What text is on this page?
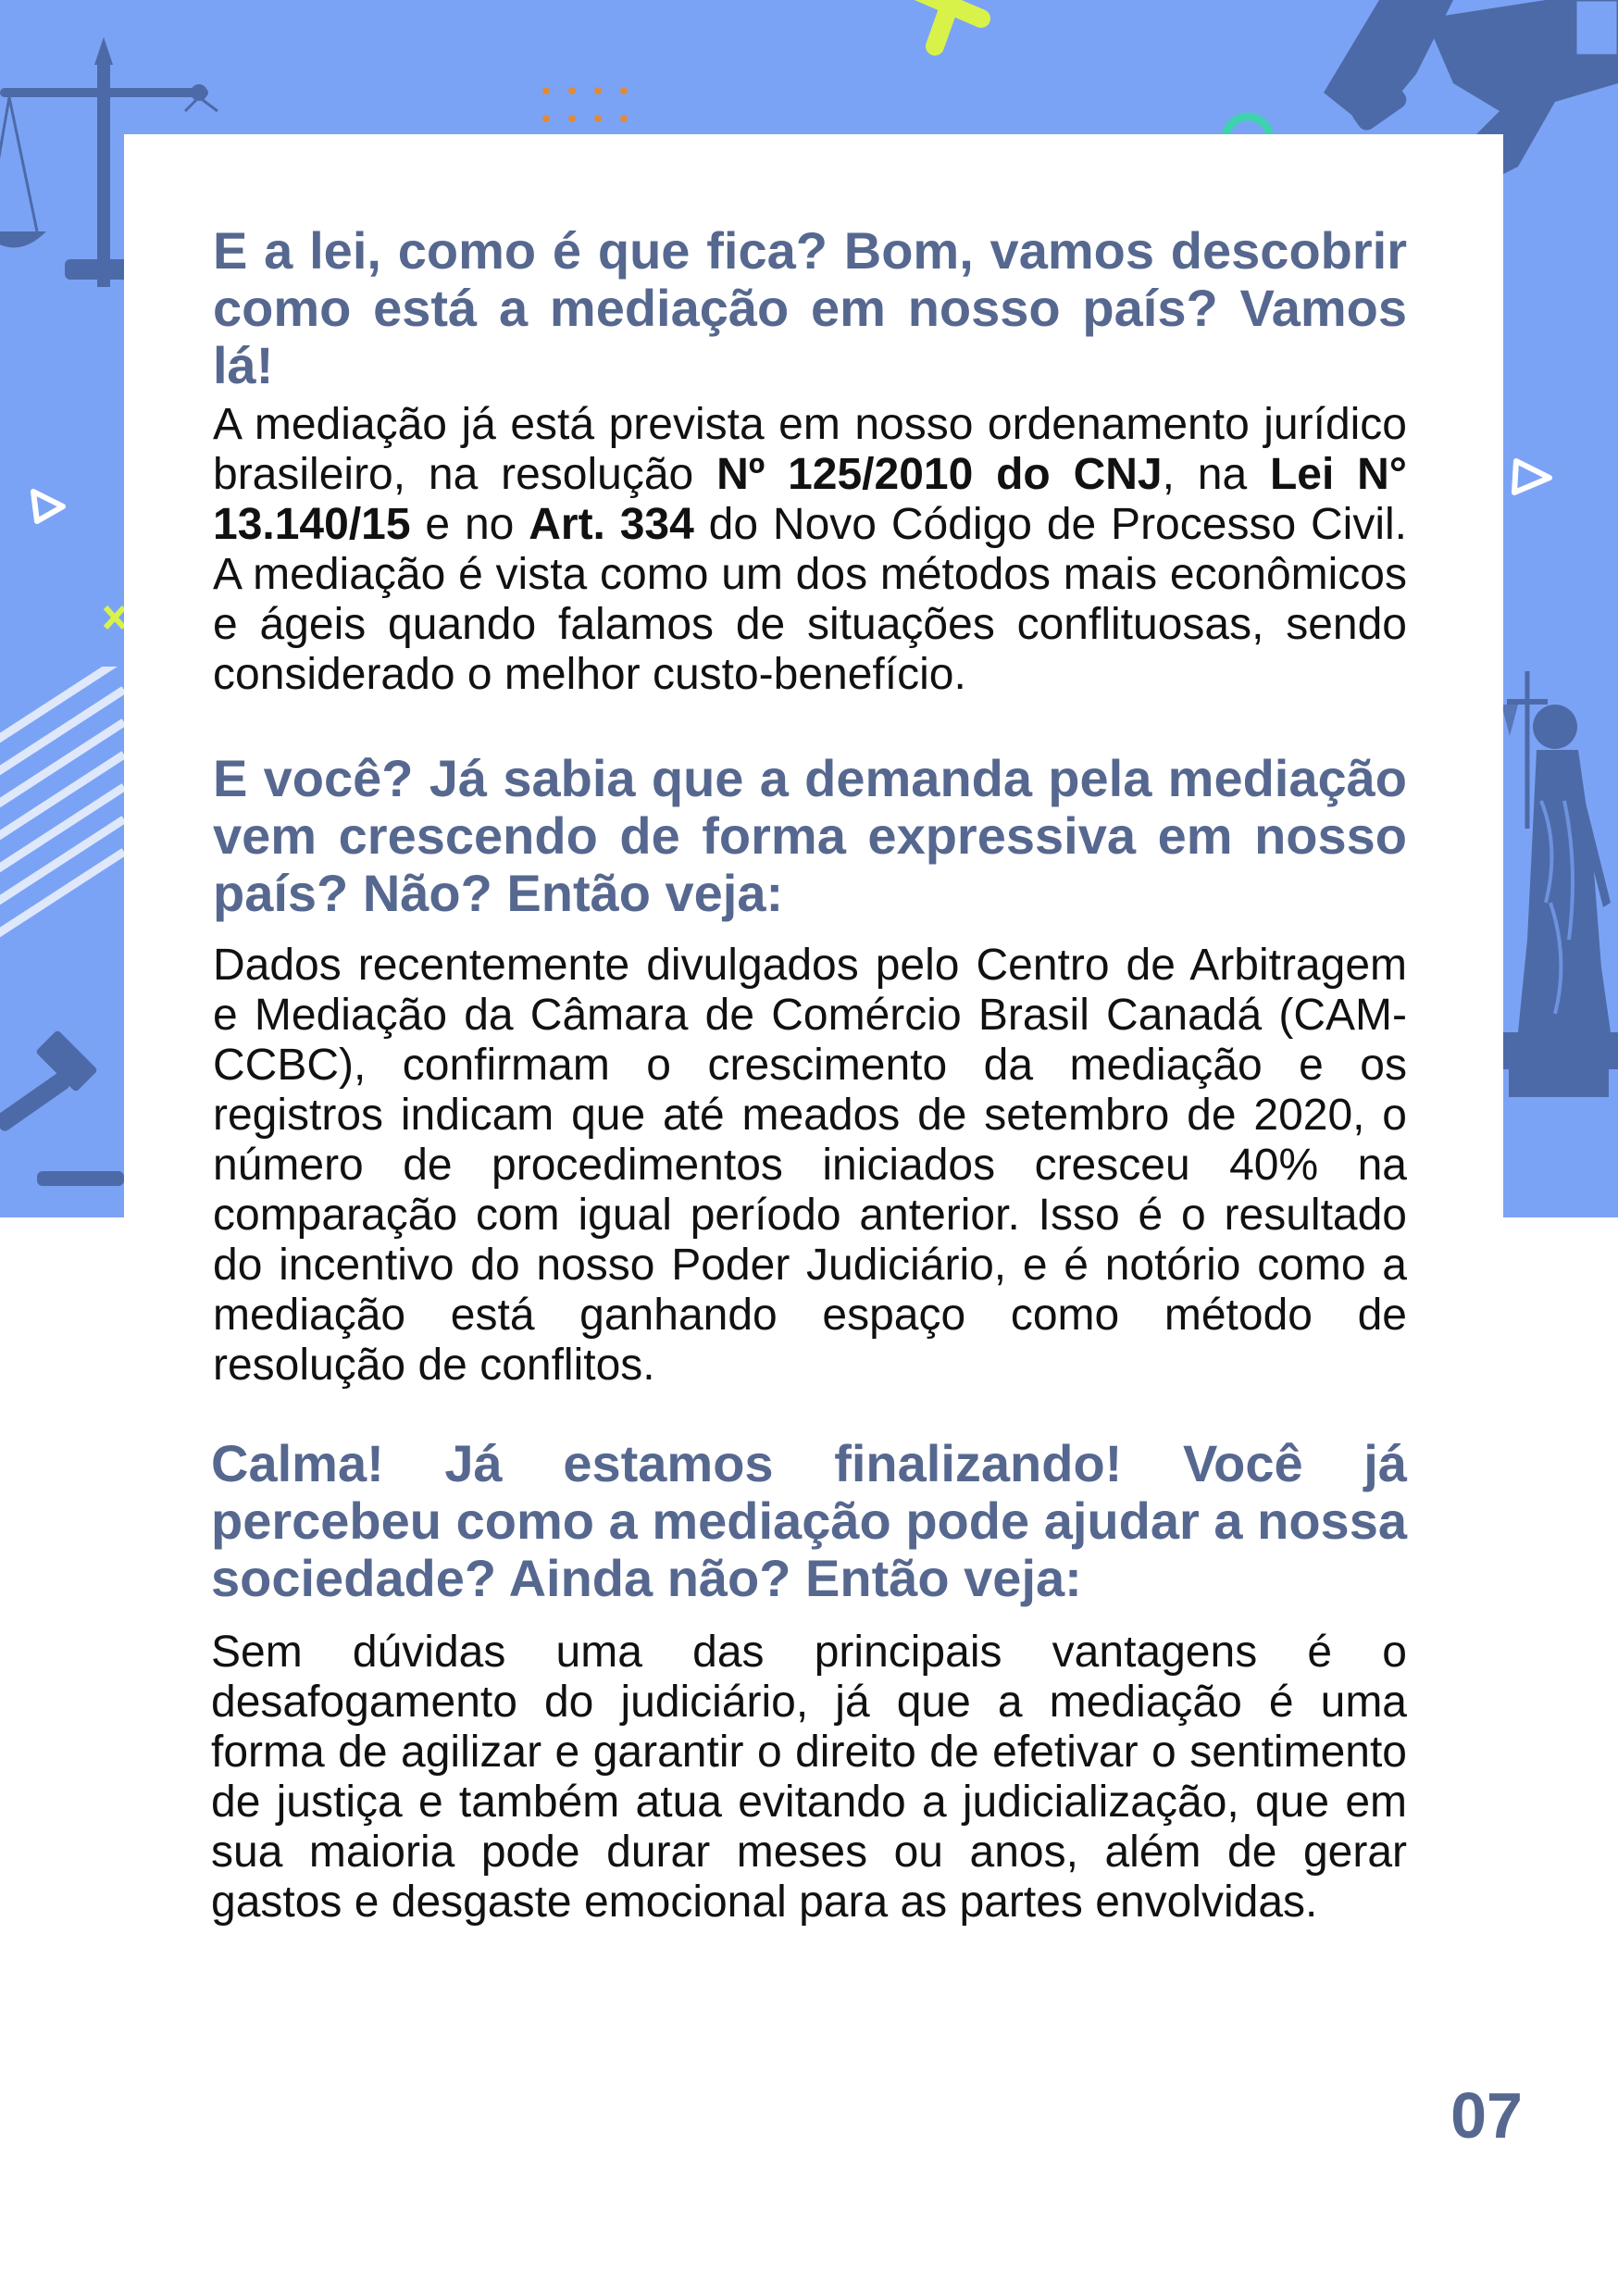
E a lei, como é que fica? Bom, vamos descobrir como está a mediação em nosso país? Vamos lá!

A mediação já está prevista em nosso ordenamento jurídico brasileiro, na resolução Nº 125/2010 do CNJ, na Lei N° 13.140/15 e no Art. 334 do Novo Código de Processo Civil. A mediação é vista como um dos métodos mais econômicos e ágeis quando falamos de situações conflituosas, sendo considerado o melhor custo-benefício.

E você? Já sabia que a demanda pela mediação vem crescendo de forma expressiva em nosso país? Não? Então veja:

Dados recentemente divulgados pelo Centro de Arbitragem e Mediação da Câmara de Comércio Brasil Canadá (CAM-CCBC), confirmam o crescimento da mediação e os registros indicam que até meados de setembro de 2020, o número de procedimentos iniciados cresceu 40% na comparação com igual período anterior. Isso é o resultado do incentivo do nosso Poder Judiciário, e é notório como a mediação está ganhando espaço como método de resolução de conflitos.

Calma! Já estamos finalizando! Você já percebeu como a mediação pode ajudar a nossa sociedade? Ainda não? Então veja:

Sem dúvidas uma das principais vantagens é o desafogamento do judiciário, já que a mediação é uma forma de agilizar e garantir o direito de efetivar o sentimento de justiça e também atua evitando a judicialização, que em sua maioria pode durar meses ou anos, além de gerar gastos e desgaste emocional para as partes envolvidas.

07
